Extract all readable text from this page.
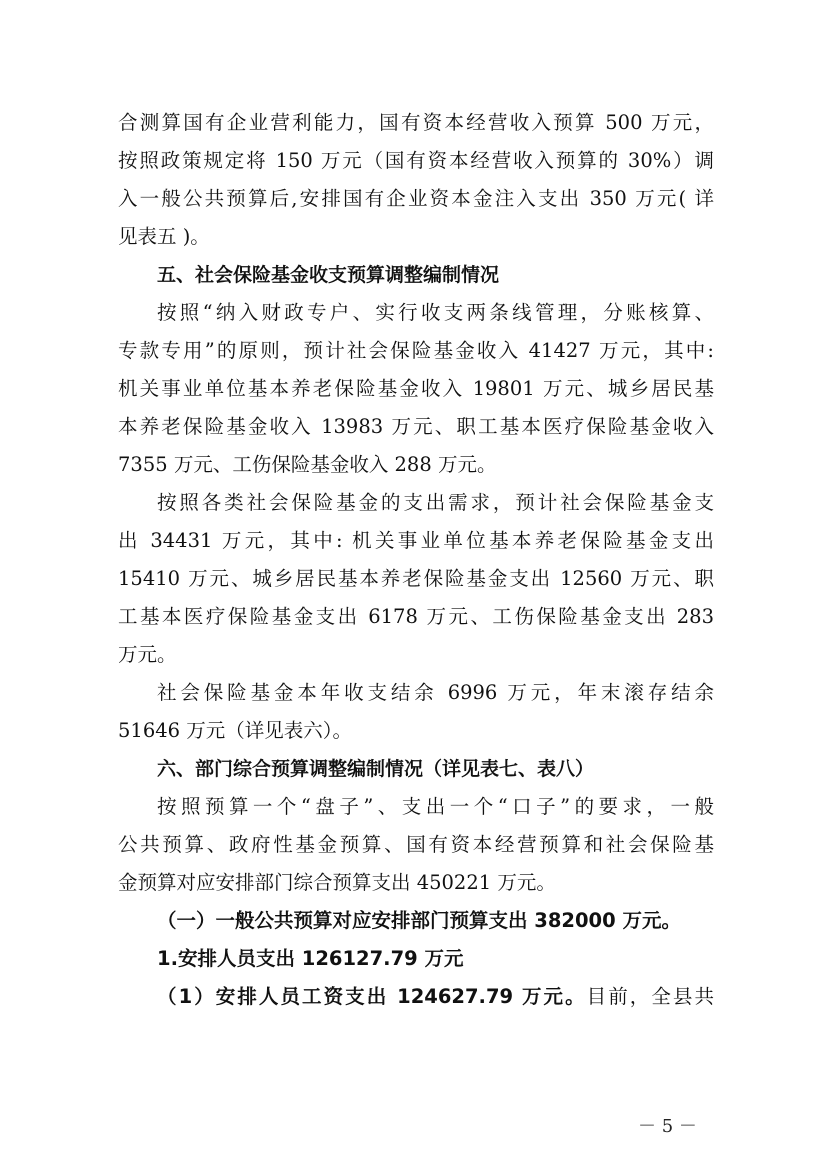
合测算国有企业营利能力，国有资本经营收入预算 500 万元，
按照政策规定将 150 万元（国有资本经营收入预算的 30%）调
入一般公共预算后,安排国有企业资本金注入支出 350 万元( 详
见表五 )。
五、社会保险基金收支预算调整编制情况
按照“纳入财政专户、实行收支两条线管理，分账核算、
专款专用”的原则，预计社会保险基金收入 41427 万元，其中:
机关事业单位基本养老保险基金收入 19801 万元、城乡居民基
本养老保险基金收入 13983 万元、职工基本医疗保险基金收入
7355 万元、工伤保险基金收入 288 万元。
按照各类社会保险基金的支出需求，预计社会保险基金支
出 34431 万元，其中: 机关事业单位基本养老保险基金支出
15410 万元、城乡居民基本养老保险基金支出 12560 万元、职
工基本医疗保险基金支出 6178 万元、工伤保险基金支出 283
万元。
社会保险基金本年收支结余 6996 万元，年末滚存结余
51646 万元（详见表六）。
六、部门综合预算调整编制情况（详见表七、表八）
按照预算一个“盘子”、支出一个“口子”的要求，一般
公共预算、政府性基金预算、国有资本经营预算和社会保险基
金预算对应安排部门综合预算支出 450221 万元。
（一）一般公共预算对应安排部门预算支出 382000 万元。
1.安排人员支出 126127.79 万元
（1）安排人员工资支出 124627.79 万元。目前，全县共
－ 5 －
